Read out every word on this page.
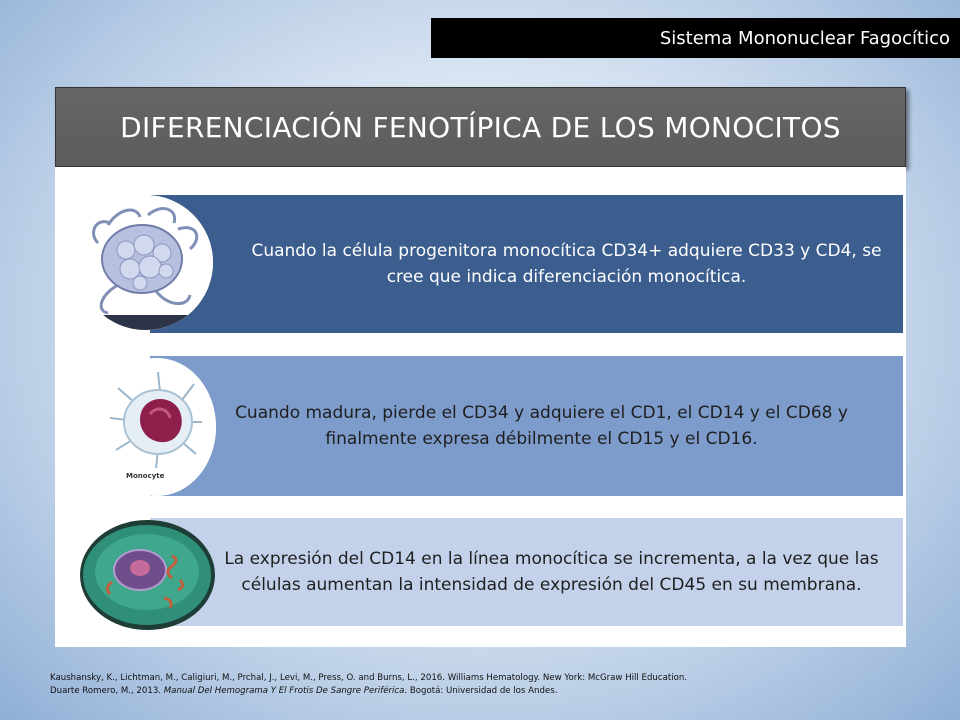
Sistema Mononuclear Fagocítico
DIFERENCIACIÓN FENOTÍPICA DE LOS MONOCITOS
Cuando la célula progenitora monocítica CD34+ adquiere CD33 y CD4, se cree que indica diferenciación monocítica.
Cuando madura, pierde el CD34 y adquiere el CD1, el CD14 y el CD68 y finalmente expresa débilmente el CD15 y el CD16.
La expresión del CD14 en la línea monocítica se incrementa, a la vez que las células aumentan la intensidad de expresión del CD45 en su membrana.
Monocyte
Kaushansky, K., Lichtman, M., Caligiuri, M., Prchal, J., Levi, M., Press, O. and Burns, L., 2016. Williams Hematology. New York: McGraw Hill Education.
Duarte Romero, M., 2013. Manual Del Hemograma Y El Frotis De Sangre Periférica. Bogotá: Universidad de los Andes.
